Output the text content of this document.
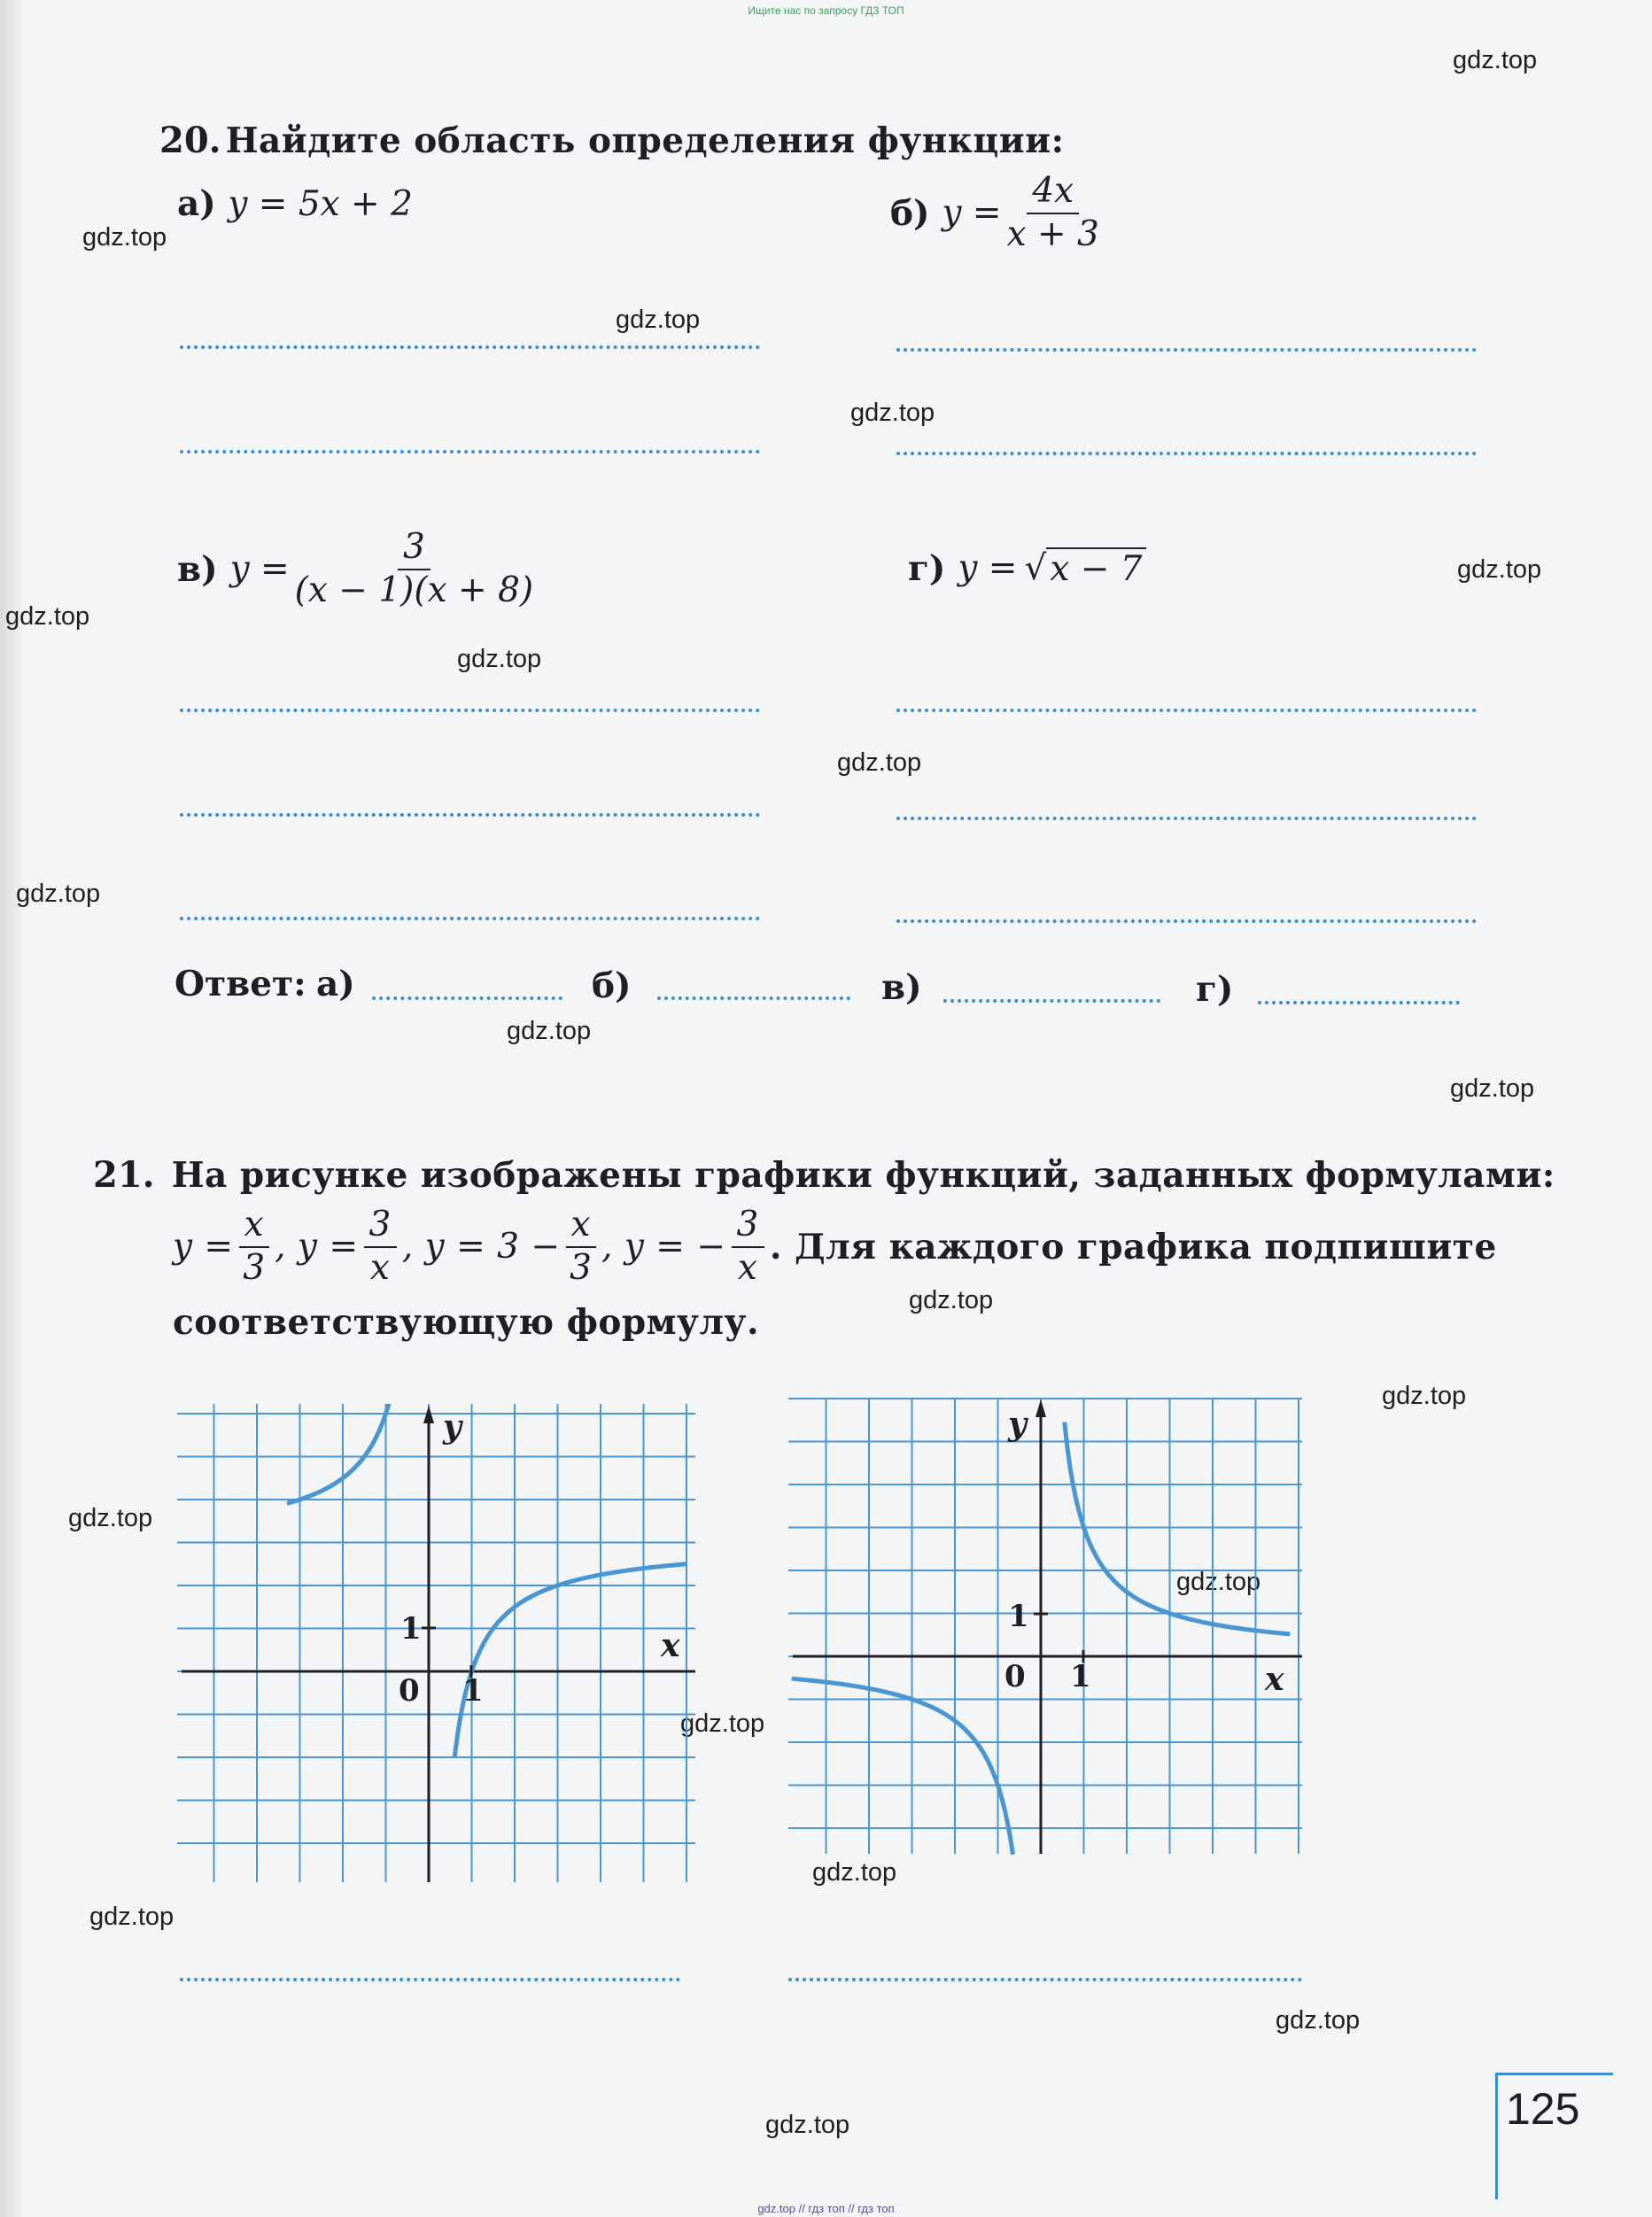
Ищите нас по запросу ГДЗ ТОП
gdz.top
gdz.top
gdz.top
gdz.top
gdz.top
gdz.top
gdz.top
gdz.top
gdz.top
gdz.top
gdz.top
gdz.top
gdz.top
gdz.top
gdz.top
gdz.top
gdz.top
gdz.top
gdz.top
gdz.top
20. Найдите область определения функции:
а) y = 5x + 2	б) $y = \frac{4x}{x + 3}$
в) $y = \frac{3}{(x - 1)(x + 8)}$	г) y = √ x − 7
Ответ: а)	б)	в)	г)
21. На рисунке изображены графики функций, заданных формулами:
$y = \frac{x}{3}$ , $y = \frac{3}{x}$ , $y = 3 - \frac{x}{3}$ , y = − $\frac{3}{x}$ . Для каждого графика подпишите
соответствующую формулу.
y
x
1
0 1
y
x
1
0 1
125
gdz.top // гдз топ // гдз топ
